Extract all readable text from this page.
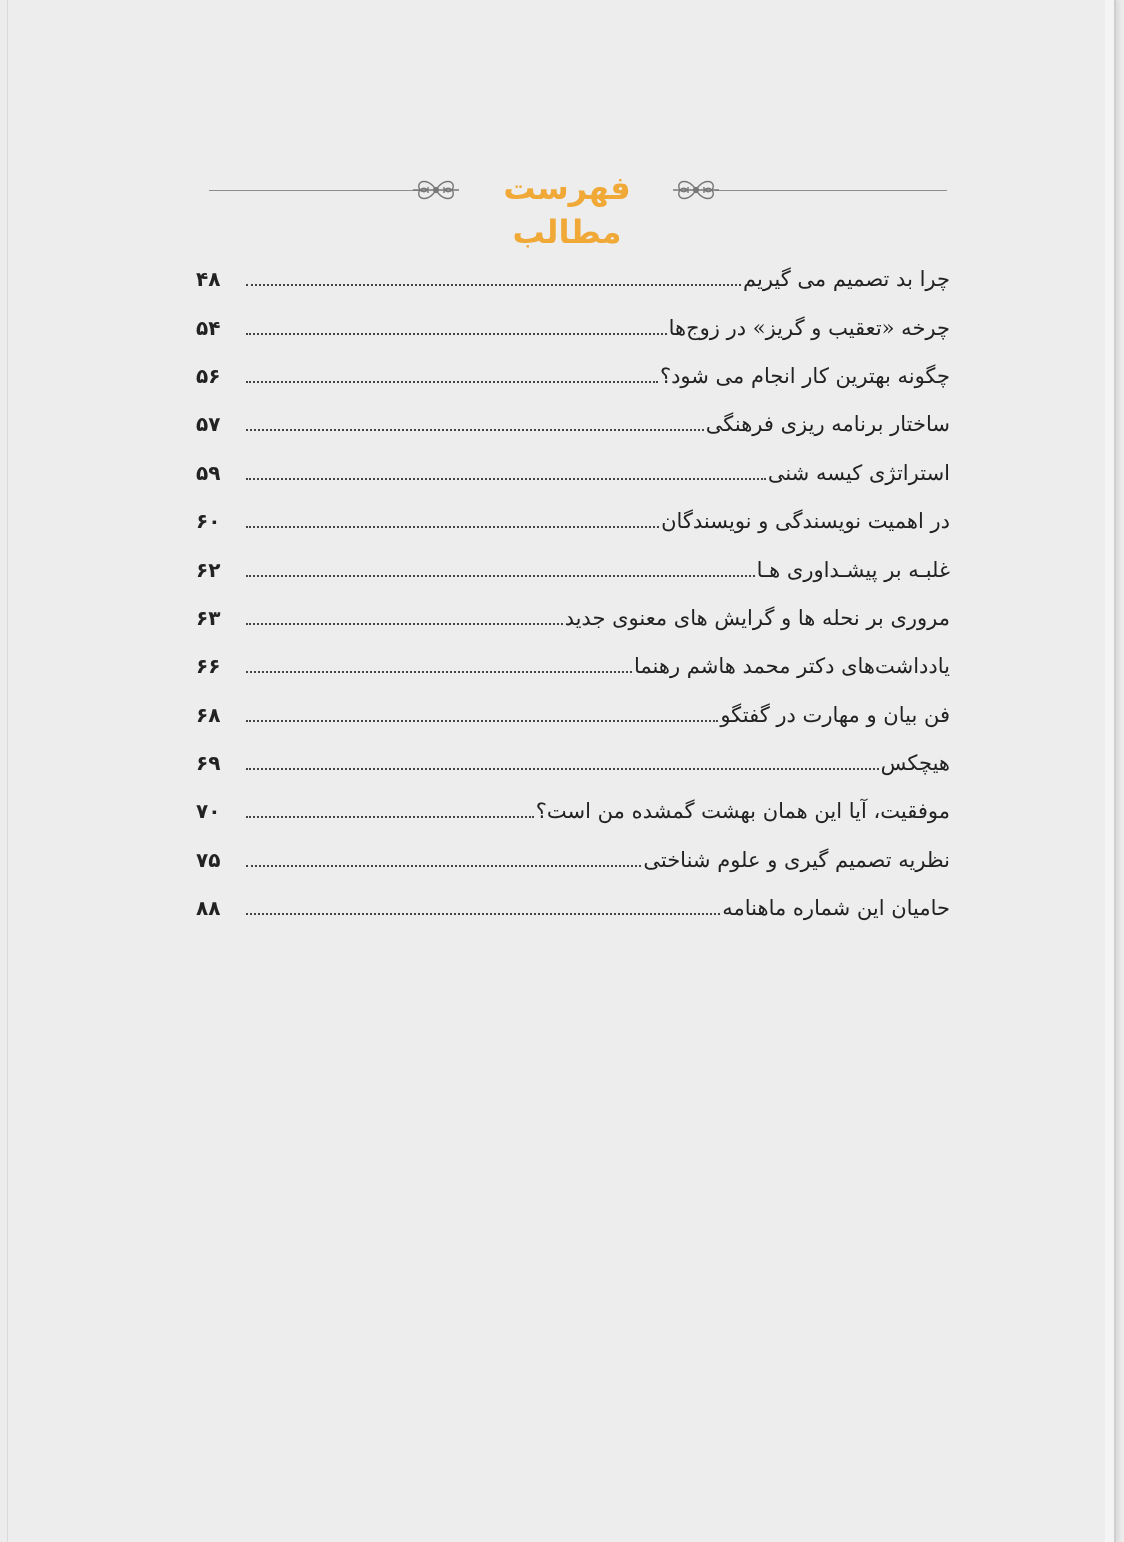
فهرست مطالب
چرا بد تصمیم می گیریم
۴۸
چرخه «تعقیب و گریز» در زوج‌ها
۵۴
چگونه بهترین کار انجام می شود؟
۵۶
ساختار برنامه ریزی فرهنگی
۵۷
استراتژی کیسه شنی
۵۹
در اهمیت نویسندگی و نویسندگان
۶۰
غلبـه بر پیشـداوری هـا
۶۲
مروری بر نحله ها و گرایش های معنوی جدید
۶۳
یادداشت‌های دکتر محمد هاشم رهنما
۶۶
فن بیان و مهارت در گفتگو
۶۸
هیچکس
۶۹
موفقیت، آیا این همان بهشت گمشده من است؟
۷۰
نظریه تصمیم گیری و علوم شناختی
۷۵
حامیان این شماره ماهنامه
۸۸
